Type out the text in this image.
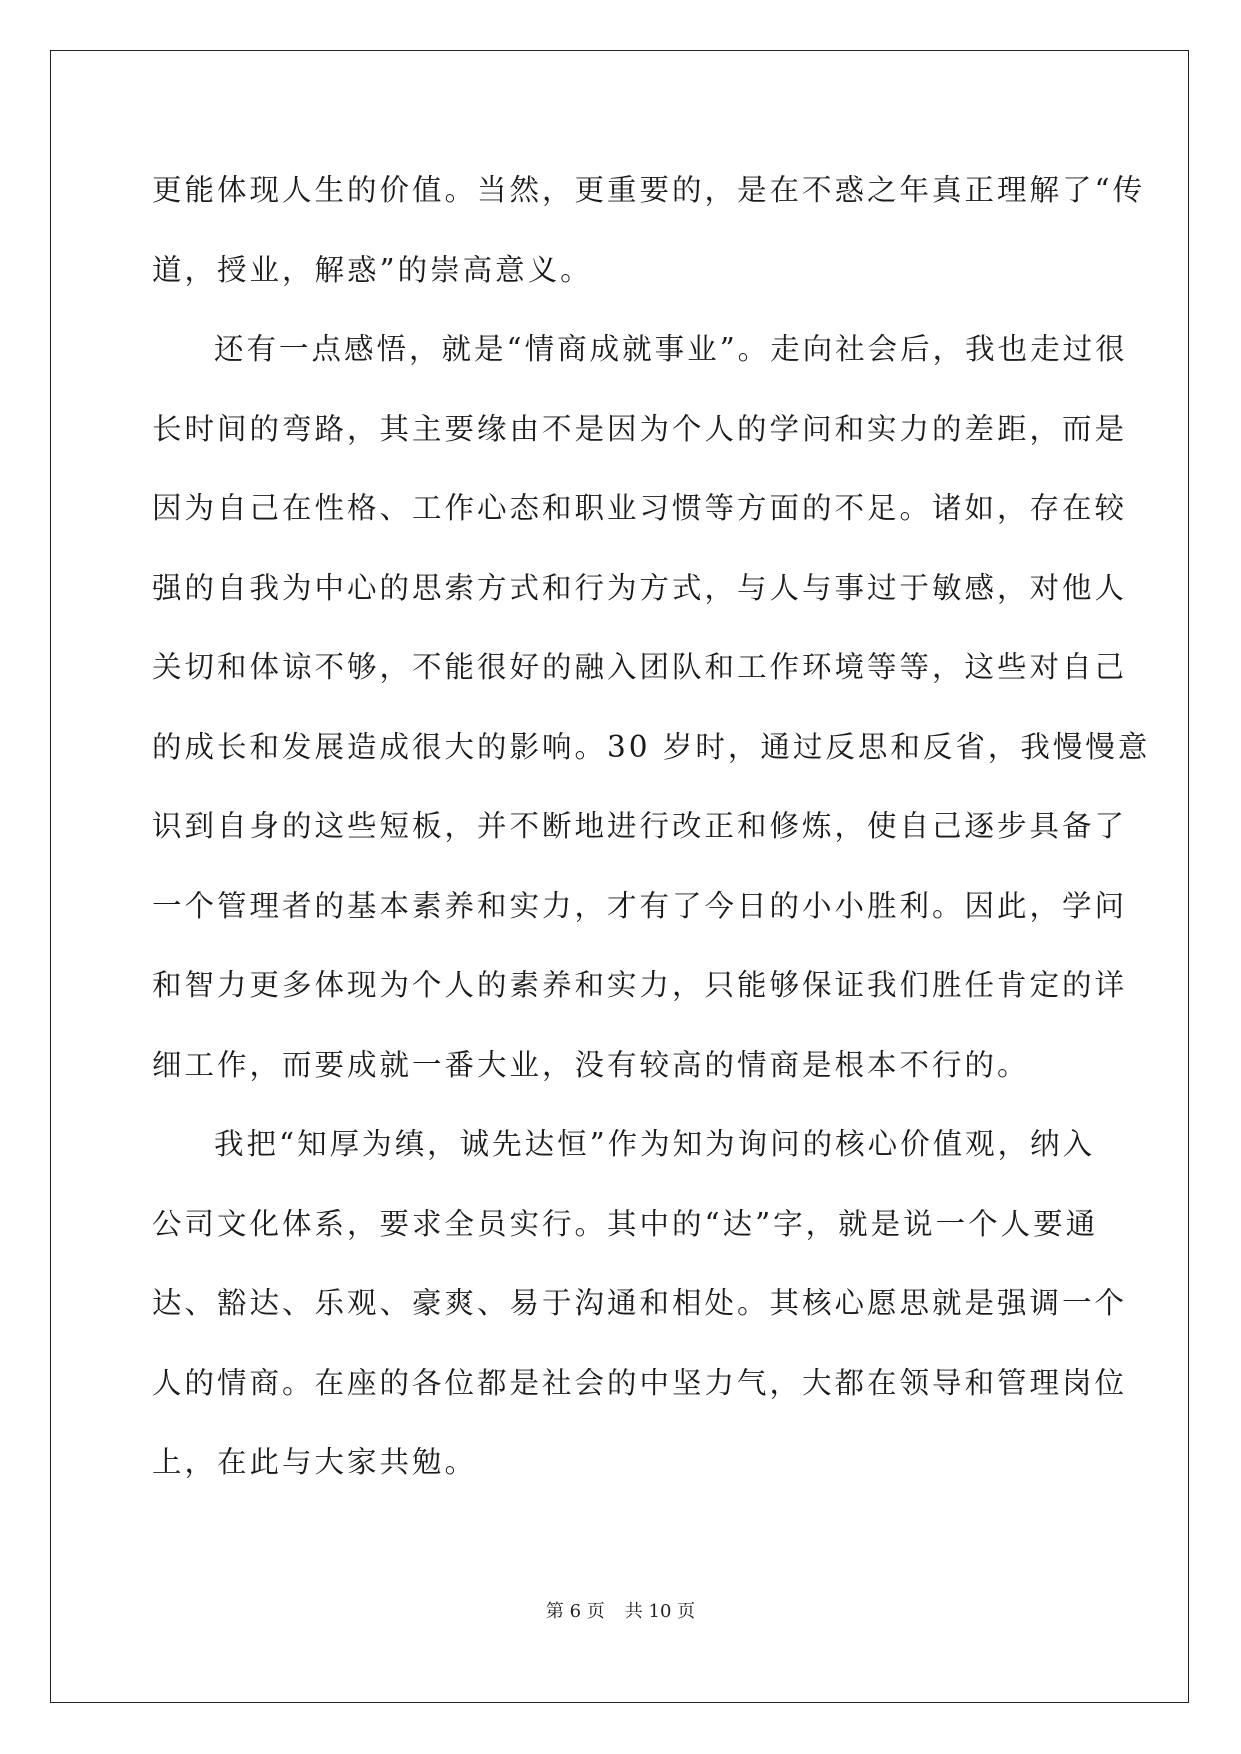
更能体现人生的价值。当然，更重要的，是在不惑之年真正理解了“传
道，授业，解惑”的崇高意义。
还有一点感悟，就是“情商成就事业”。走向社会后，我也走过很
长时间的弯路，其主要缘由不是因为个人的学问和实力的差距，而是
因为自己在性格、工作心态和职业习惯等方面的不足。诸如，存在较
强的自我为中心的思索方式和行为方式，与人与事过于敏感，对他人
关切和体谅不够，不能很好的融入团队和工作环境等等，这些对自己
的成长和发展造成很大的影响。30 岁时，通过反思和反省，我慢慢意
识到自身的这些短板，并不断地进行改正和修炼，使自己逐步具备了
一个管理者的基本素养和实力，才有了今日的小小胜利。因此，学问
和智力更多体现为个人的素养和实力，只能够保证我们胜任肯定的详
细工作，而要成就一番大业，没有较高的情商是根本不行的。
我把“知厚为缜，诚先达恒”作为知为询问的核心价值观，纳入
公司文化体系，要求全员实行。其中的“达”字，就是说一个人要通
达、豁达、乐观、豪爽、易于沟通和相处。其核心愿思就是强调一个
人的情商。在座的各位都是社会的中坚力气，大都在领导和管理岗位
上，在此与大家共勉。
第 6 页 共 10 页
